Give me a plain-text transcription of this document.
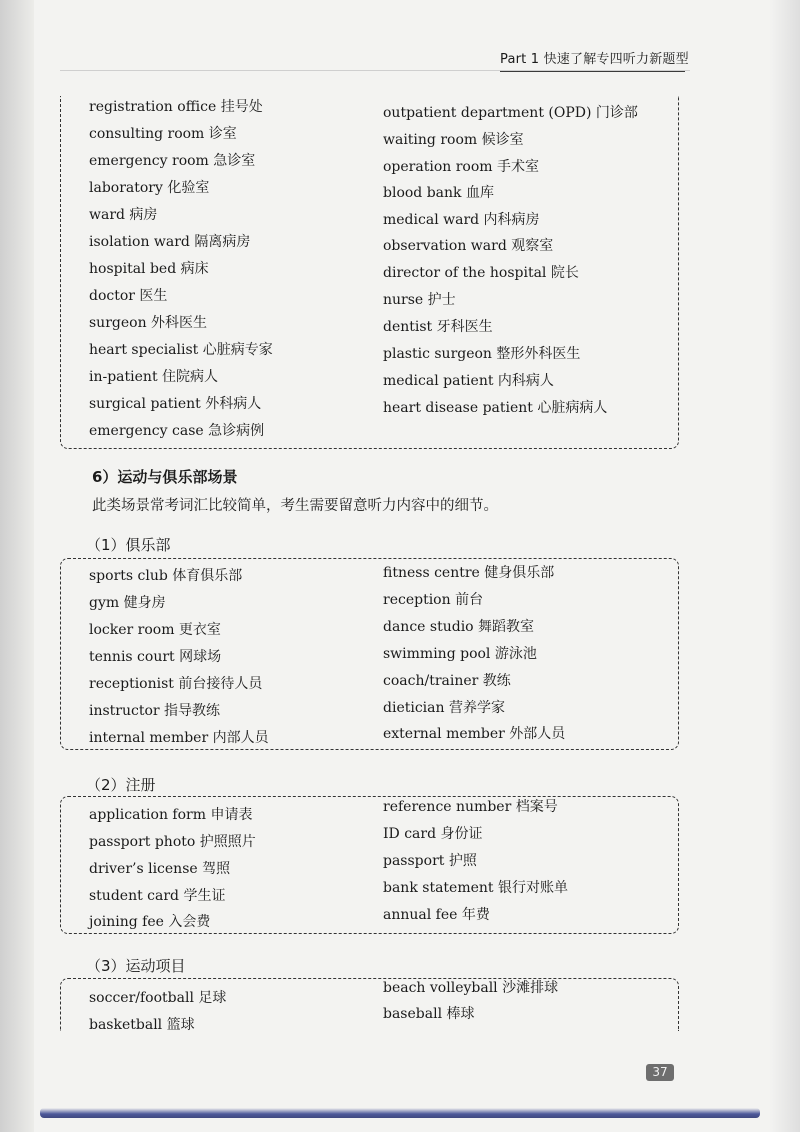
Part 1 快速了解专四听力新题型
registration office 挂号处
consulting room 诊室
emergency room 急诊室
laboratory 化验室
ward 病房
isolation ward 隔离病房
hospital bed 病床
doctor 医生
surgeon 外科医生
heart specialist 心脏病专家
in-patient 住院病人
surgical patient 外科病人
emergency case 急诊病例
outpatient department (OPD) 门诊部
waiting room 候诊室
operation room 手术室
blood bank 血库
medical ward 内科病房
observation ward 观察室
director of the hospital 院长
nurse 护士
dentist 牙科医生
plastic surgeon 整形外科医生
medical patient 内科病人
heart disease patient 心脏病病人
6）运动与俱乐部场景
此类场景常考词汇比较简单，考生需要留意听力内容中的细节。
（1）俱乐部
sports club 体育俱乐部
gym 健身房
locker room 更衣室
tennis court 网球场
receptionist 前台接待人员
instructor 指导教练
internal member 内部人员
fitness centre 健身俱乐部
reception 前台
dance studio 舞蹈教室
swimming pool 游泳池
coach/trainer 教练
dietician 营养学家
external member 外部人员
（2）注册
application form 申请表
passport photo 护照照片
driver’s license 驾照
student card 学生证
joining fee 入会费
reference number 档案号
ID card 身份证
passport 护照
bank statement 银行对账单
annual fee 年费
（3）运动项目
soccer/football 足球
basketball 篮球
beach volleyball 沙滩排球
baseball 棒球
37
